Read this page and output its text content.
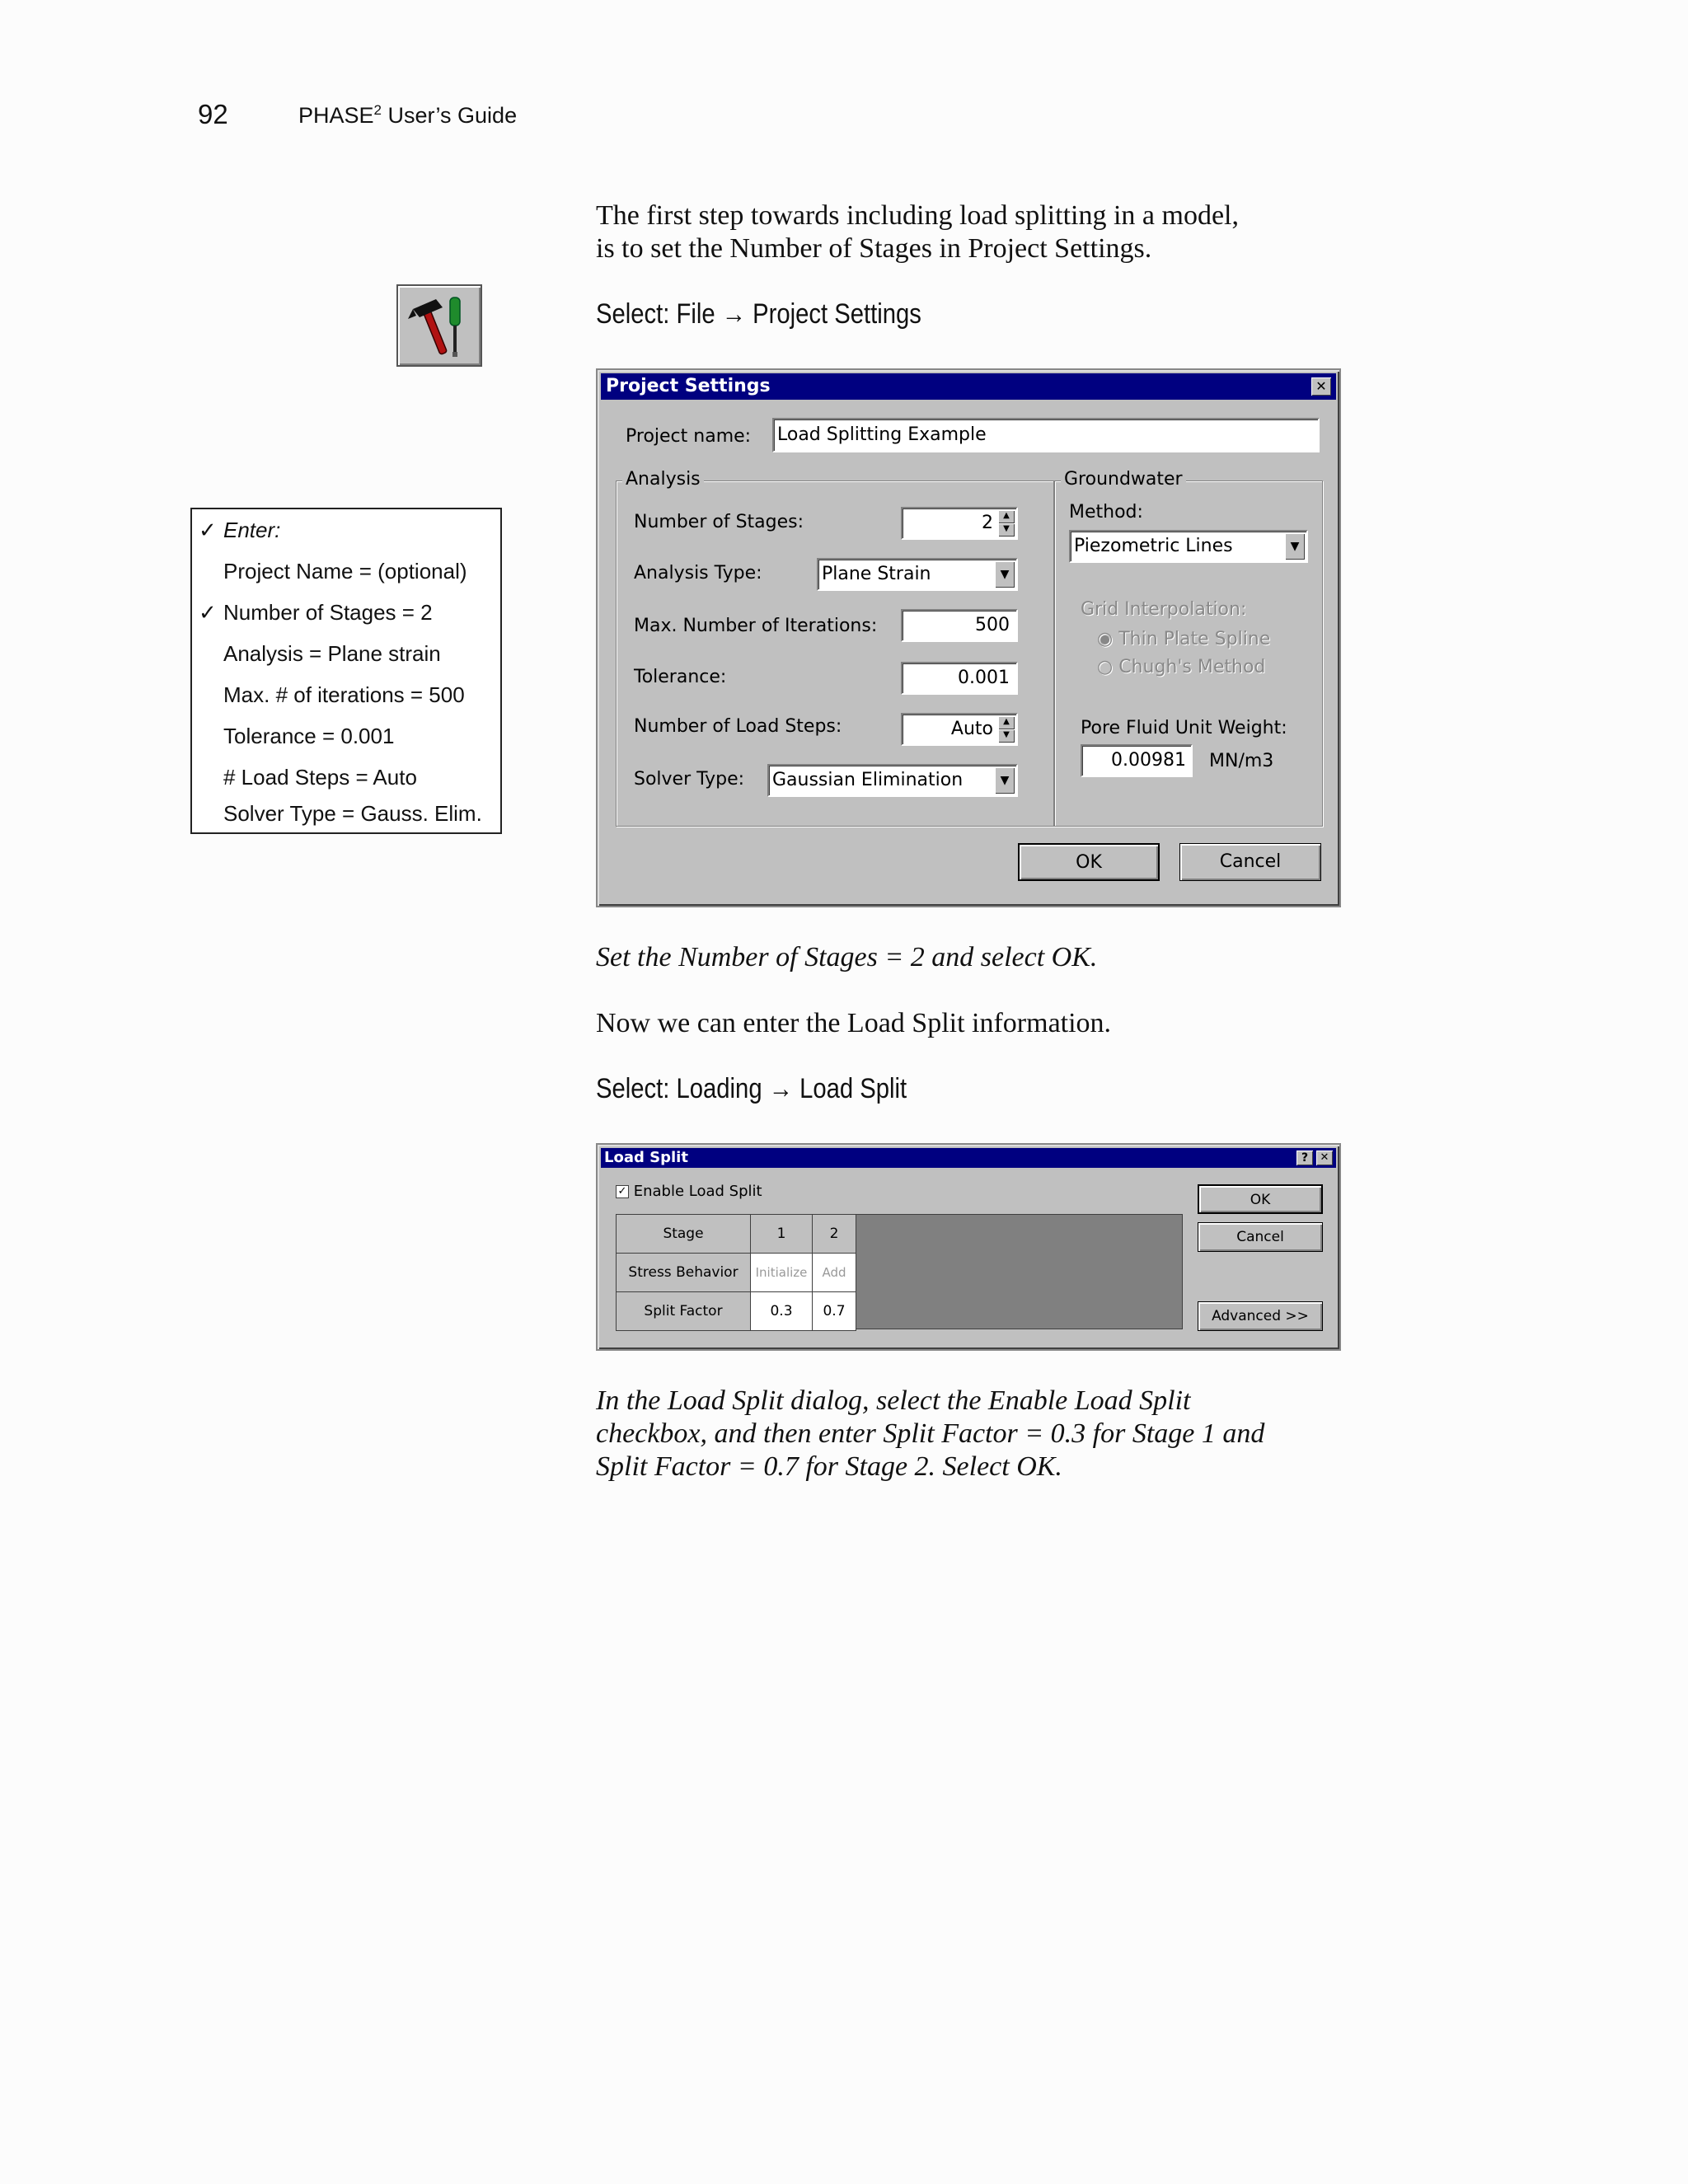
92	PHASE$^2$ User’s Guide
The first step towards including load splitting in a model,
is to set the Number of Stages in Project Settings.
Select: File → Project Settings
✓ Enter:
Project Name = (optional)
✓ Number of Stages = 2
Analysis = Plane strain
Max. # of iterations = 500
Tolerance = 0.001
# Load Steps = Auto
Solver Type = Gauss. Elim.
Project Settings	✕
Project name: Load Splitting Example
Analysis
Number of Stages:	2	▲
▼
Analysis Type:	Plane Strain	▼
Max. Number of Iterations:	500
Tolerance:	0.001
Number of Load Steps:	Auto	▲
▼
Solver Type: Gaussian Elimination	▼
Groundwater
Method:
Piezometric Lines	▼
Grid Interpolation:
◉ Thin Plate Spline
○ Chugh's Method
Pore Fluid Unit Weight:
0.00981	MN/m3
OK	Cancel
Set the Number of Stages = 2 and select OK.
Now we can enter the Load Split information.
Select: Loading → Load Split
Load Split	?	✕
✓ Enable Load Split
Stage	1	2
Stress Behavior	Initialize	Add
Split Factor	0.3	0.7
OK
Cancel
Advanced >>
In the Load Split dialog, select the Enable Load Split
checkbox, and then enter Split Factor = 0.3 for Stage 1 and
Split Factor = 0.7 for Stage 2. Select OK.
